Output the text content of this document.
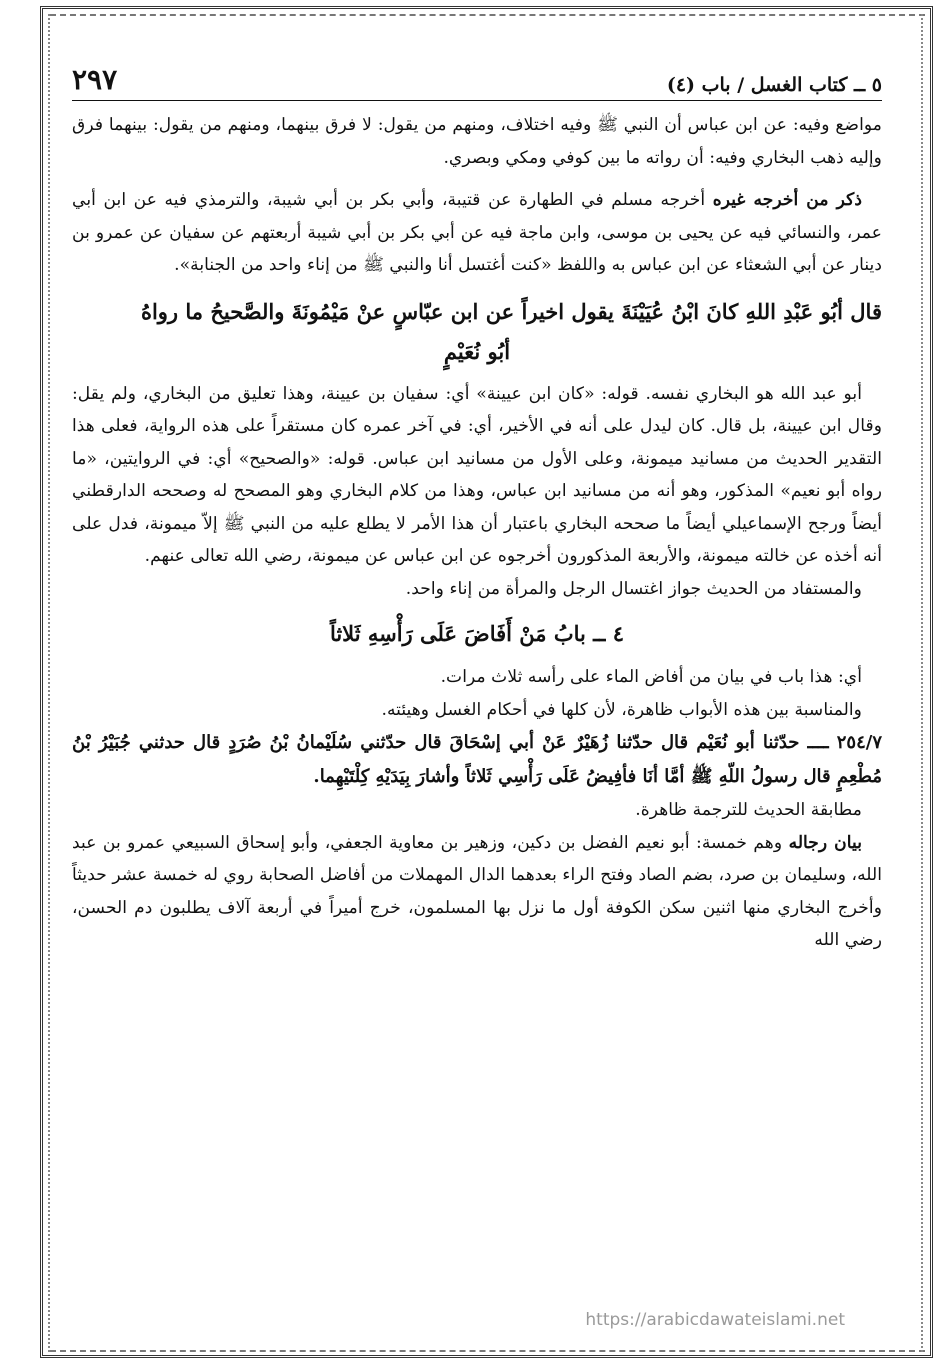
٥ ــ كتاب الغسل / باب (٤)
٢٩٧

مواضع وفيه: عن ابن عباس أن النبي ﷺ وفيه اختلاف، ومنهم من يقول: لا فرق بينهما، ومنهم من يقول: بينهما فرق وإليه ذهب البخاري وفيه: أن رواته ما بين كوفي ومكي وبصري.

ذكر من أخرجه غيره أخرجه مسلم في الطهارة عن قتيبة، وأبي بكر بن أبي شيبة، والترمذي فيه عن ابن أبي عمر، والنسائي فيه عن يحيى بن موسى، وابن ماجة فيه عن أبي بكر بن أبي شيبة أربعتهم عن سفيان عن عمرو بن دينار عن أبي الشعثاء عن ابن عباس به واللفظ «كنت أغتسل أنا والنبي ﷺ من إناء واحد من الجنابة».

قال أبُو عَبْدِ اللهِ كانَ ابْنُ عُيَيْنَةَ يقول اخيراً عن ابن عبّاسٍ عنْ مَيْمُونَةَ والصَّحيحُ ما رواهُ

أبُو نُعَيْمٍ

أبو عبد الله هو البخاري نفسه. قوله: «كان ابن عيينة» أي: سفيان بن عيينة، وهذا تعليق من البخاري، ولم يقل: وقال ابن عيينة، بل قال. كان ليدل على أنه في الأخير، أي: في آخر عمره كان مستقراً على هذه الرواية، فعلى هذا التقدير الحديث من مسانيد ميمونة، وعلى الأول من مسانيد ابن عباس. قوله: «والصحيح» أي: في الروايتين، «ما رواه أبو نعيم» المذكور، وهو أنه من مسانيد ابن عباس، وهذا من كلام البخاري وهو المصحح له وصححه الدارقطني أيضاً ورجح الإسماعيلي أيضاً ما صححه البخاري باعتبار أن هذا الأمر لا يطلع عليه من النبي ﷺ إلاّ ميمونة، فدل على أنه أخذه عن خالته ميمونة، والأربعة المذكورون أخرجوه عن ابن عباس عن ميمونة، رضي الله تعالى عنهم.

والمستفاد من الحديث جواز اغتسال الرجل والمرأة من إناء واحد.

٤ ــ بابُ مَنْ أَفَاضَ عَلَى رَأْسِهِ ثَلاثاً

أي: هذا باب في بيان من أفاض الماء على رأسه ثلاث مرات.

والمناسبة بين هذه الأبواب ظاهرة، لأن كلها في أحكام الغسل وهيئته.

٢٥٤/٧ ــــ حدّثنا أبو نُعَيْم قال حدّثنا زُهَيْرٌ عَنْ أبي إسْحَاقَ قال حدّثني سُلَيْمانُ بْنُ صُرَدٍ قال حدثني جُبَيْرُ بْنُ مُطْعِمٍ قال رسولُ اللّهِ ﷺ أمَّا أنَا فأفِيضُ عَلَى رَأْسِي ثَلاثاً وأشارَ بِيَدَيْهِ كِلْتَيْهِما.

مطابقة الحديث للترجمة ظاهرة.

بيان رجاله وهم خمسة: أبو نعيم الفضل بن دكين، وزهير بن معاوية الجعفي، وأبو إسحاق السبيعي عمرو بن عبد الله، وسليمان بن صرد، بضم الصاد وفتح الراء بعدهما الدال المهملات من أفاضل الصحابة روي له خمسة عشر حديثاً وأخرج البخاري منها اثنين سكن الكوفة أول ما نزل بها المسلمون، خرج أميراً في أربعة آلاف يطلبون دم الحسن، رضي الله

https://arabicdawateislami.net
